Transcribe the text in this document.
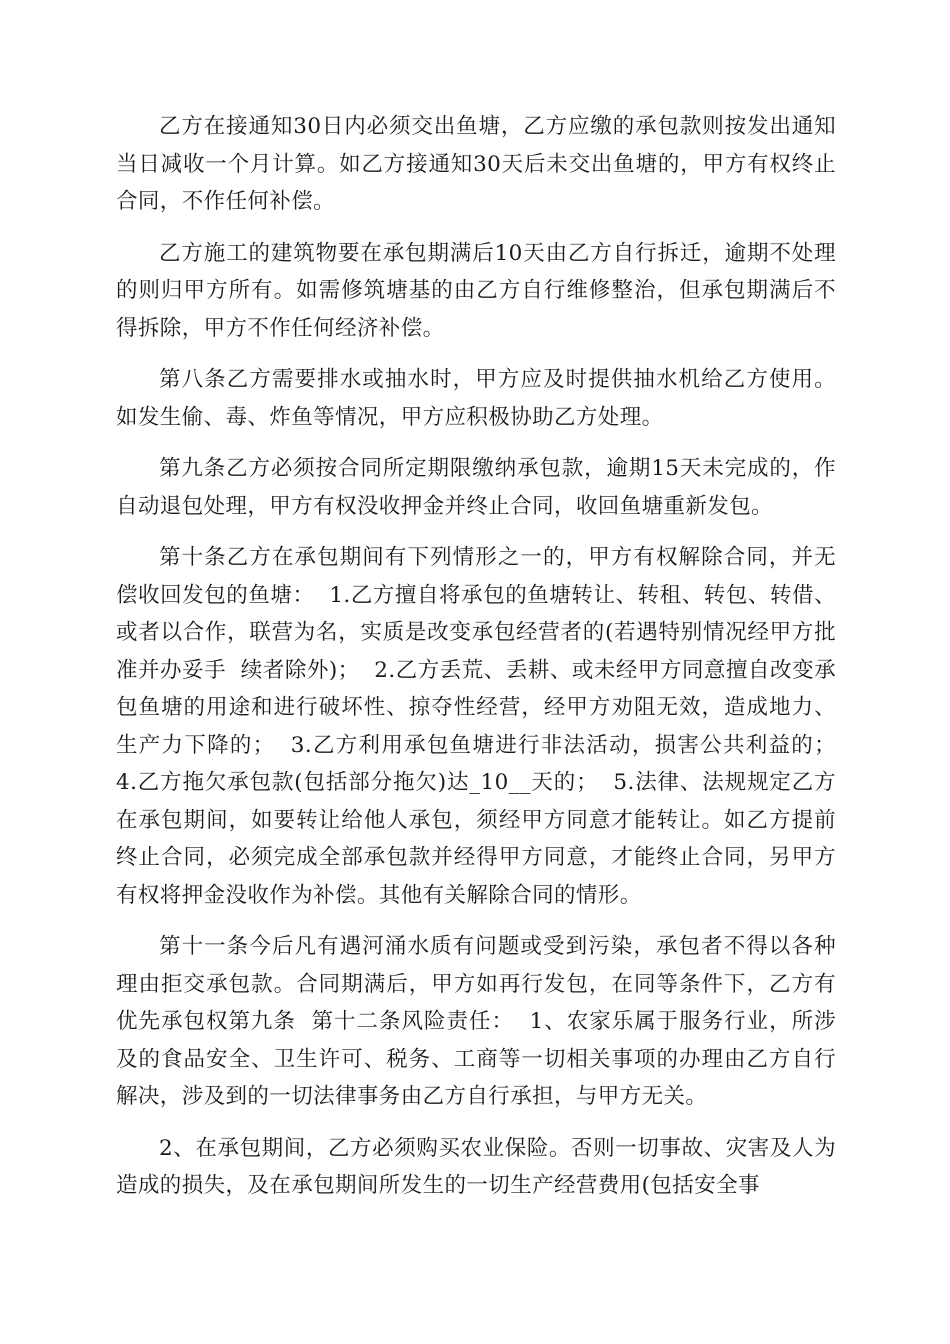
乙方在接通知30日内必须交出鱼塘，乙方应缴的承包款则按发出通知当日减收一个月计算。如乙方接通知30天后未交出鱼塘的，甲方有权终止合同，不作任何补偿。

乙方施工的建筑物要在承包期满后10天由乙方自行拆迁，逾期不处理的则归甲方所有。如需修筑塘基的由乙方自行维修整治，但承包期满后不得拆除，甲方不作任何经济补偿。

第八条乙方需要排水或抽水时，甲方应及时提供抽水机给乙方使用。如发生偷、毒、炸鱼等情况，甲方应积极协助乙方处理。

第九条乙方必须按合同所定期限缴纳承包款，逾期15天未完成的，作自动退包处理，甲方有权没收押金并终止合同，收回鱼塘重新发包。

第十条乙方在承包期间有下列情形之一的，甲方有权解除合同，并无偿收回发包的鱼塘：  1.乙方擅自将承包的鱼塘转让、转租、转包、转借、或者以合作，联营为名，实质是改变承包经营者的(若遇特别情况经甲方批准并办妥手  续者除外)；  2.乙方丢荒、丢耕、或未经甲方同意擅自改变承包鱼塘的用途和进行破坏性、掠夺性经营，经甲方劝阻无效，造成地力、生产力下降的；  3.乙方利用承包鱼塘进行非法活动，损害公共利益的；  4.乙方拖欠承包款(包括部分拖欠)达_10__天的；  5.法律、法规规定乙方在承包期间，如要转让给他人承包，须经甲方同意才能转让。如乙方提前终止合同，必须完成全部承包款并经得甲方同意，才能终止合同，另甲方有权将押金没收作为补偿。其他有关解除合同的情形。

第十一条今后凡有遇河涌水质有问题或受到污染，承包者不得以各种理由拒交承包款。合同期满后，甲方如再行发包，在同等条件下，乙方有优先承包权第九条  第十二条风险责任：  1、农家乐属于服务行业，所涉及的食品安全、卫生许可、税务、工商等一切相关事项的办理由乙方自行解决，涉及到的一切法律事务由乙方自行承担，与甲方无关。

2、在承包期间，乙方必须购买农业保险。否则一切事故、灾害及人为造成的损失，及在承包期间所发生的一切生产经营费用(包括安全事
